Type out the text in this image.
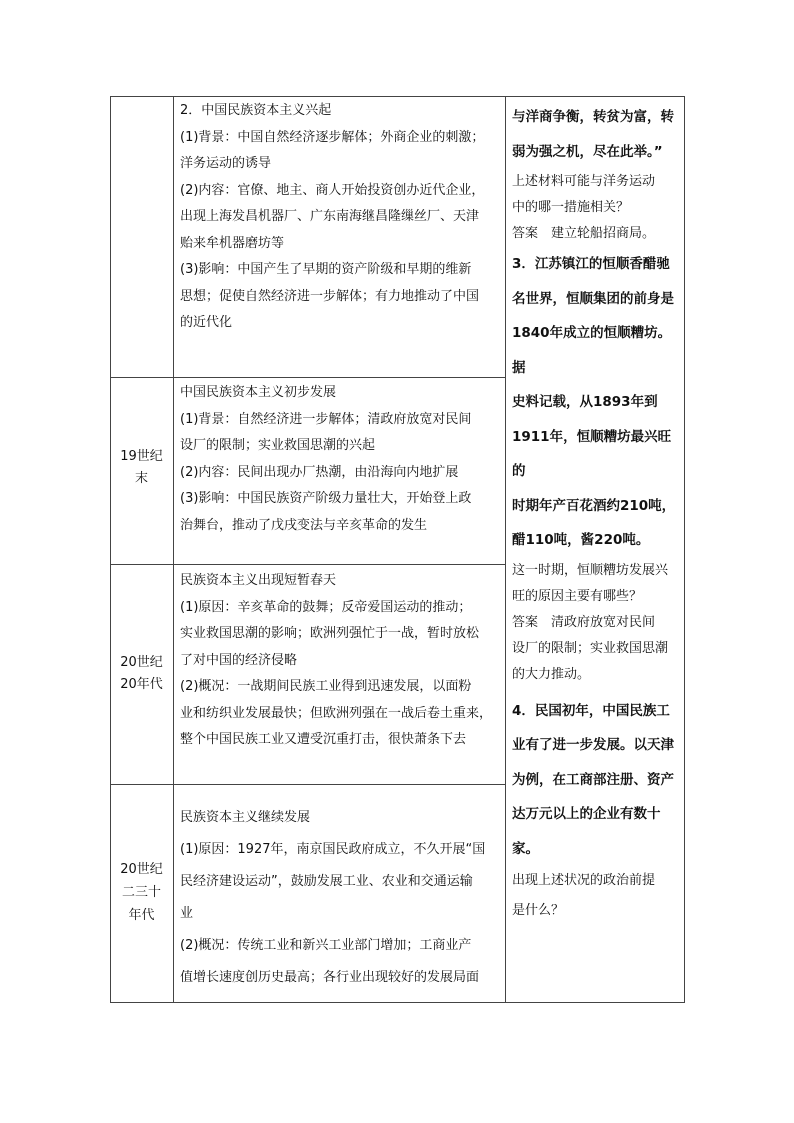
2．中国民族资本主义兴起

(1)背景：中国自然经济逐步解体；外商企业的刺激；

洋务运动的诱导

(2)内容：官僚、地主、商人开始投资创办近代企业，

出现上海发昌机器厂、广东南海继昌隆缫丝厂、天津

贻来牟机器磨坊等

(3)影响：中国产生了早期的资产阶级和早期的维新

思想；促使自然经济进一步解体；有力地推动了中国

的近代化

19世纪
末

中国民族资本主义初步发展

(1)背景：自然经济进一步解体；清政府放宽对民间

设厂的限制；实业救国思潮的兴起

(2)内容：民间出现办厂热潮，由沿海向内地扩展

(3)影响：中国民族资产阶级力量壮大，开始登上政

治舞台，推动了戊戌变法与辛亥革命的发生

20世纪
20年代

民族资本主义出现短暂春天

(1)原因：辛亥革命的鼓舞；反帝爱国运动的推动；

实业救国思潮的影响；欧洲列强忙于一战，暂时放松

了对中国的经济侵略

(2)概况：一战期间民族工业得到迅速发展，以面粉

业和纺织业发展最快；但欧洲列强在一战后卷土重来，

整个中国民族工业又遭受沉重打击，很快萧条下去

20世纪
二三十
年代

民族资本主义继续发展

(1)原因：1927年，南京国民政府成立，不久开展“国

民经济建设运动”，鼓励发展工业、农业和交通运输

业

(2)概况：传统工业和新兴工业部门增加；工商业产

值增长速度创历史最高；各行业出现较好的发展局面

与洋商争衡，转贫为富，转

弱为强之机，尽在此举。”

上述材料可能与洋务运动

中的哪一措施相关？

答案　建立轮船招商局。

3．江苏镇江的恒顺香醋驰

名世界，恒顺集团的前身是

1840年成立的恒顺糟坊。据

史料记载，从1893年到

1911年，恒顺糟坊最兴旺的

时期年产百花酒约210吨，

醋110吨，酱220吨。

这一时期，恒顺糟坊发展兴

旺的原因主要有哪些？

答案　清政府放宽对民间

设厂的限制；实业救国思潮

的大力推动。

4．民国初年，中国民族工

业有了进一步发展。以天津

为例，在工商部注册、资产

达万元以上的企业有数十

家。

出现上述状况的政治前提

是什么？
